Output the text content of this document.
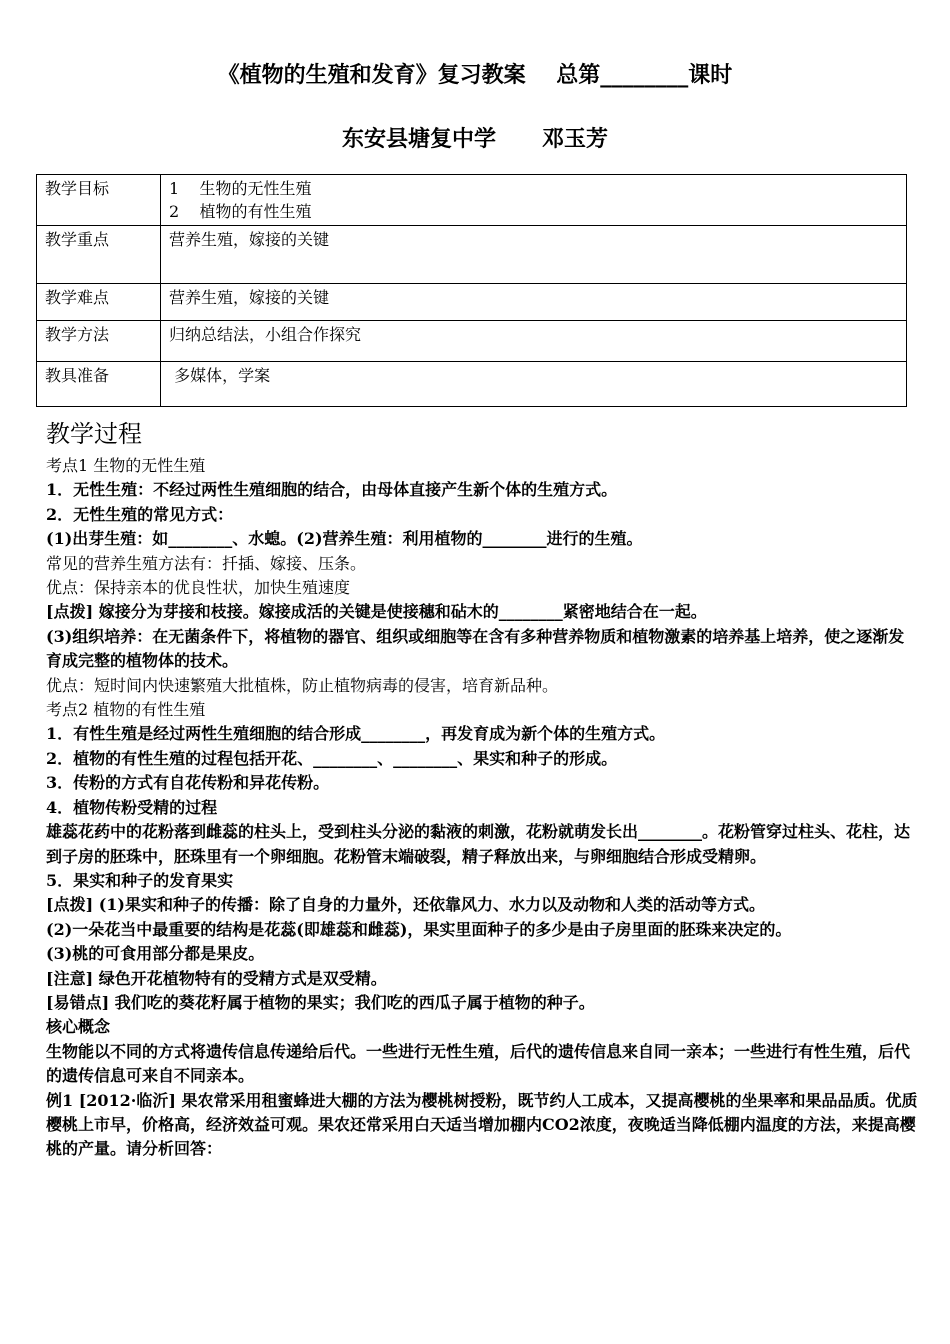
《植物的生殖和发育》复习教案    总第________课时
东安县塘复中学      邓玉芳
教学目标	1    生物的无性生殖
2    植物的有性生殖

教学重点	营养生殖，嫁接的关键

教学难点	营养生殖，嫁接的关键

教学方法	归纳总结法，小组合作探究

教具准备	多媒体，学案
教学过程

考点1 生物的无性生殖

1．无性生殖：不经过两性生殖细胞的结合，由母体直接产生新个体的生殖方式。

2．无性生殖的常见方式：

(1)出芽生殖：如________、水螅。(2)营养生殖：利用植物的________进行的生殖。

常见的营养生殖方法有：扦插、嫁接、压条。

优点：保持亲本的优良性状，加快生殖速度

[点拨] 嫁接分为芽接和枝接。嫁接成活的关键是使接穗和砧木的________紧密地结合在一起。

(3)组织培养：在无菌条件下，将植物的器官、组织或细胞等在含有多种营养物质和植物激素的培养基上培养，使之逐渐发育成完整的植物体的技术。

优点：短时间内快速繁殖大批植株，防止植物病毒的侵害，培育新品种。

考点2 植物的有性生殖

1．有性生殖是经过两性生殖细胞的结合形成________，再发育成为新个体的生殖方式。

2．植物的有性生殖的过程包括开花、________、________、果实和种子的形成。

3．传粉的方式有自花传粉和异花传粉。

4．植物传粉受精的过程

雄蕊花药中的花粉落到雌蕊的柱头上，受到柱头分泌的黏液的刺激，花粉就萌发长出________。花粉管穿过柱头、花柱，达到子房的胚珠中，胚珠里有一个卵细胞。花粉管末端破裂，精子释放出来，与卵细胞结合形成受精卵。

5．果实和种子的发育果实

[点拨] (1)果实和种子的传播：除了自身的力量外，还依靠风力、水力以及动物和人类的活动等方式。

(2)一朵花当中最重要的结构是花蕊(即雄蕊和雌蕊)，果实里面种子的多少是由子房里面的胚珠来决定的。

(3)桃的可食用部分都是果皮。

[注意] 绿色开花植物特有的受精方式是双受精。

[易错点] 我们吃的葵花籽属于植物的果实；我们吃的西瓜子属于植物的种子。

核心概念

生物能以不同的方式将遗传信息传递给后代。一些进行无性生殖，后代的遗传信息来自同一亲本；一些进行有性生殖，后代的遗传信息可来自不同亲本。

例1 [2012·临沂] 果农常采用租蜜蜂进大棚的方法为樱桃树授粉，既节约人工成本，又提高樱桃的坐果率和果品品质。优质樱桃上市早，价格高，经济效益可观。果农还常采用白天适当增加棚内CO2浓度，夜晚适当降低棚内温度的方法，来提高樱桃的产量。请分析回答：
